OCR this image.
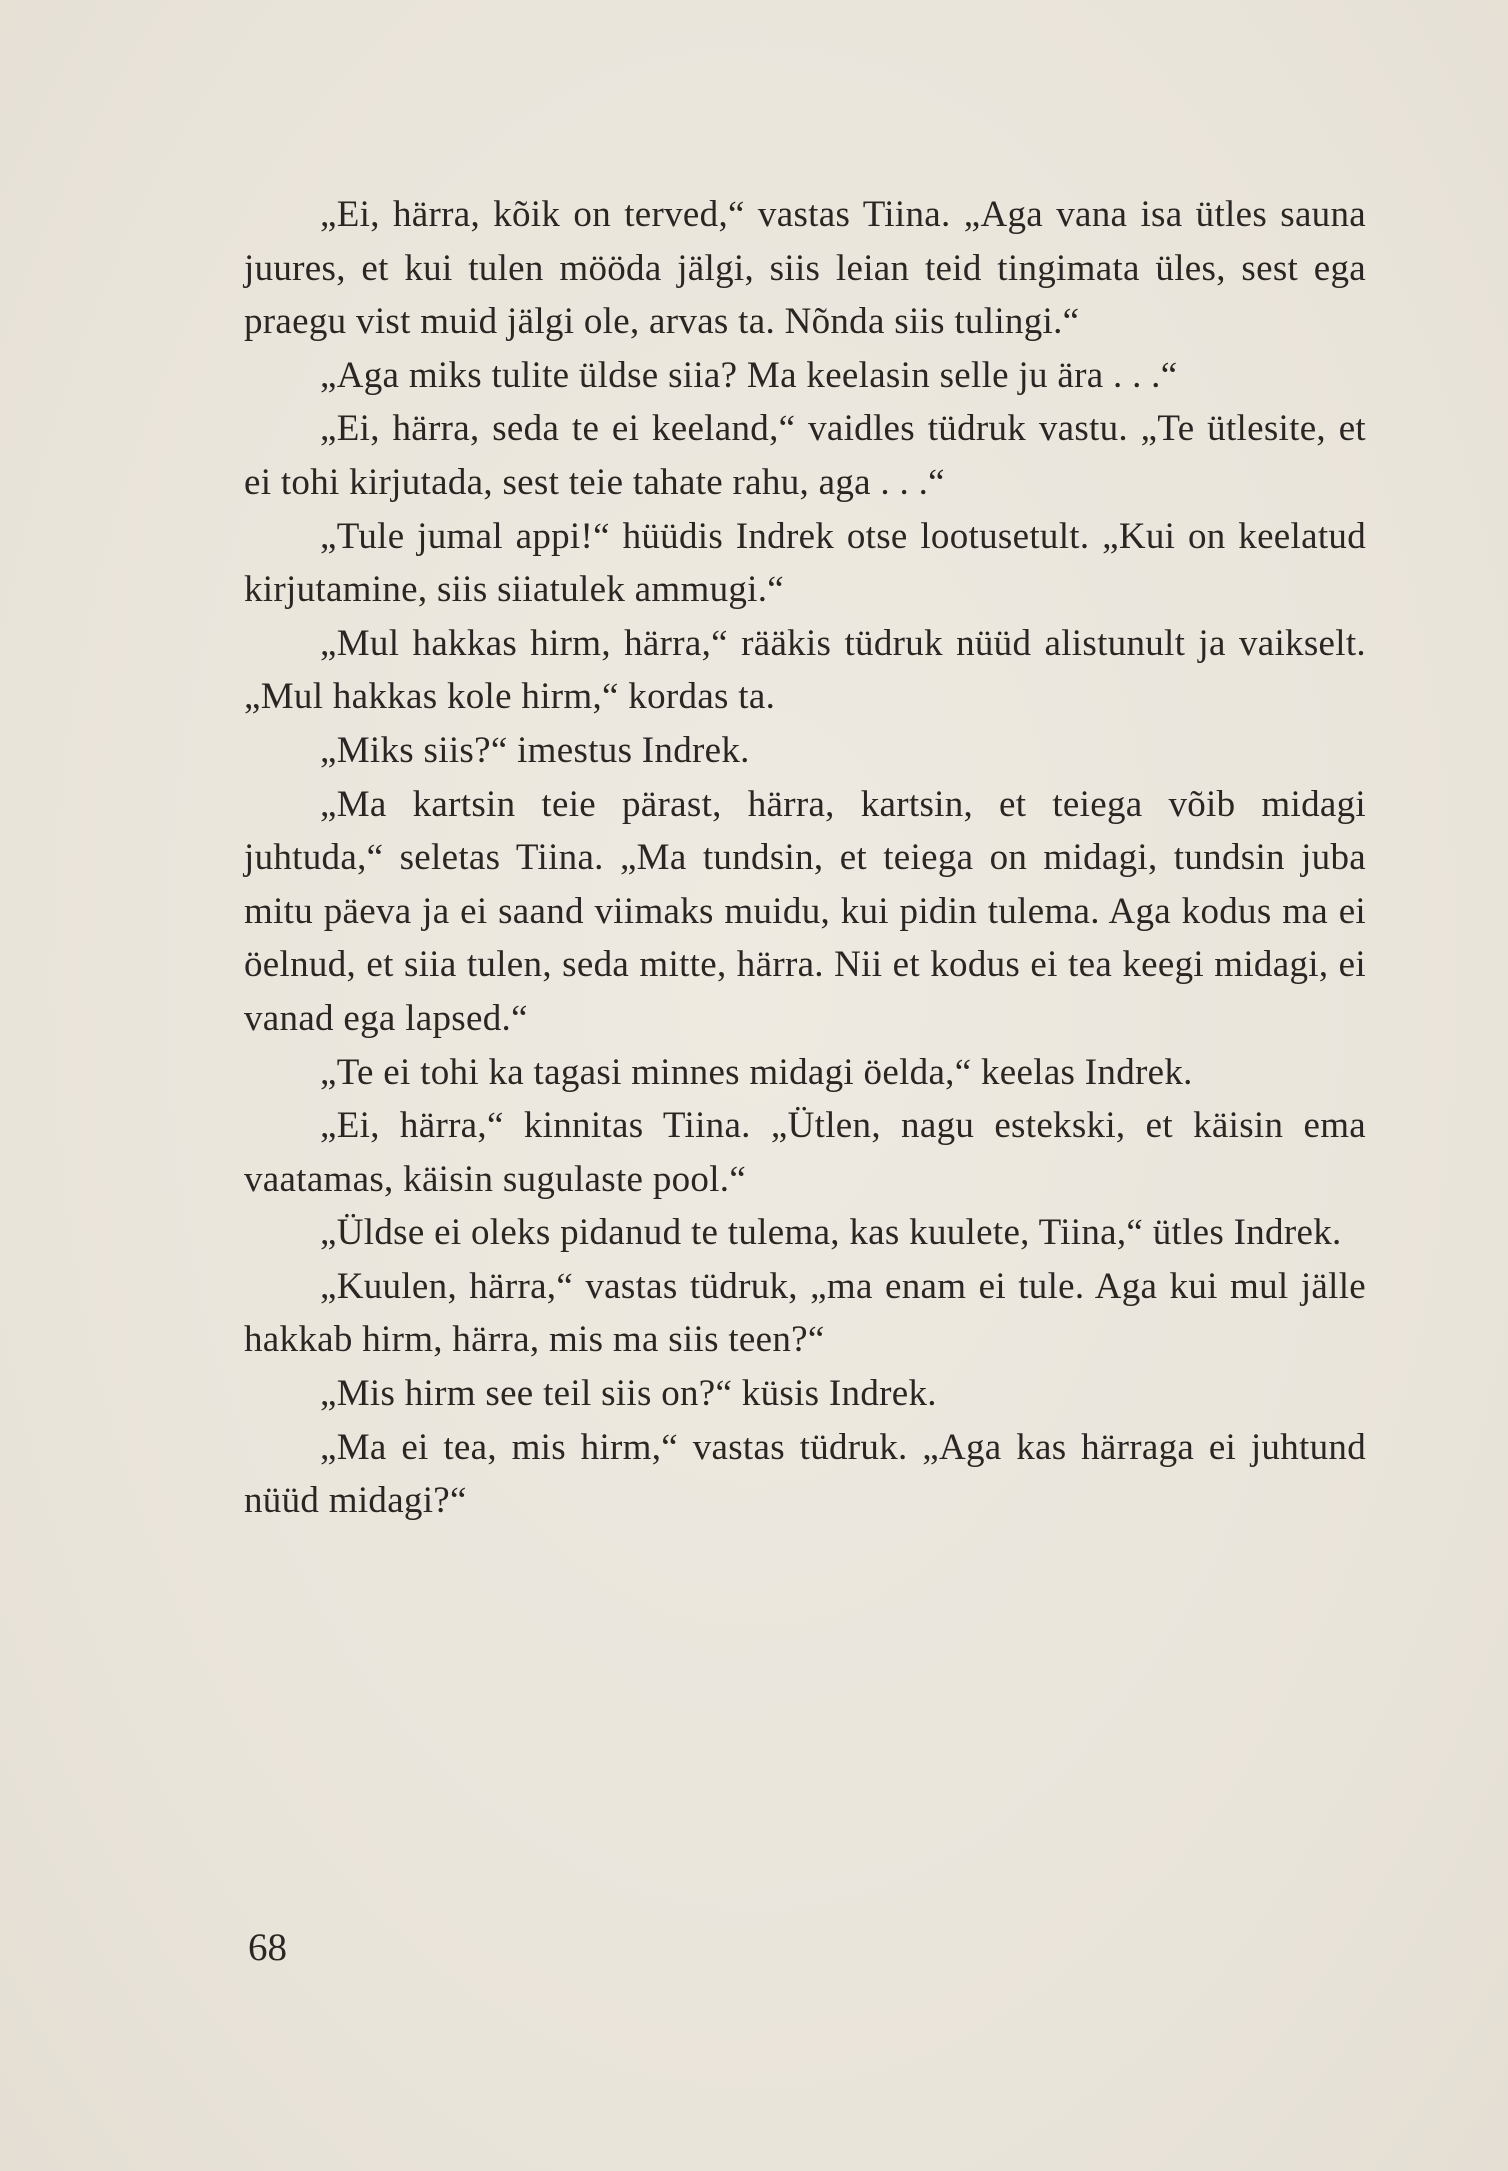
„Ei, härra, kõik on terved,“ vastas Tiina. „Aga vana isa ütles sauna juures, et kui tulen mööda jälgi, siis leian teid tingimata üles, sest ega praegu vist muid jälgi ole, arvas ta. Nõnda siis tulingi.“

„Aga miks tulite üldse siia? Ma keelasin selle ju ära . . .“

„Ei, härra, seda te ei keeland,“ vaidles tüdruk vastu. „Te ütlesite, et ei tohi kirjutada, sest teie tahate rahu, aga . . .“

„Tule jumal appi!“ hüüdis Indrek otse lootusetult. „Kui on keelatud kirjutamine, siis siiatulek ammugi.“

„Mul hakkas hirm, härra,“ rääkis tüdruk nüüd alistunult ja vaikselt. „Mul hakkas kole hirm,“ kordas ta.

„Miks siis?“ imestus Indrek.

„Ma kartsin teie pärast, härra, kartsin, et teiega võib midagi juhtuda,“ seletas Tiina. „Ma tundsin, et teiega on midagi, tundsin juba mitu päeva ja ei saand viimaks muidu, kui pidin tulema. Aga kodus ma ei öelnud, et siia tulen, seda mitte, härra. Nii et kodus ei tea keegi midagi, ei vanad ega lapsed.“

„Te ei tohi ka tagasi minnes midagi öelda,“ keelas Indrek.

„Ei, härra,“ kinnitas Tiina. „Ütlen, nagu estekski, et käisin ema vaatamas, käisin sugulaste pool.“

„Üldse ei oleks pidanud te tulema, kas kuulete, Tiina,“ ütles Indrek.

„Kuulen, härra,“ vastas tüdruk, „ma enam ei tule. Aga kui mul jälle hakkab hirm, härra, mis ma siis teen?“

„Mis hirm see teil siis on?“ küsis Indrek.

„Ma ei tea, mis hirm,“ vastas tüdruk. „Aga kas härraga ei juhtund nüüd midagi?“

68
